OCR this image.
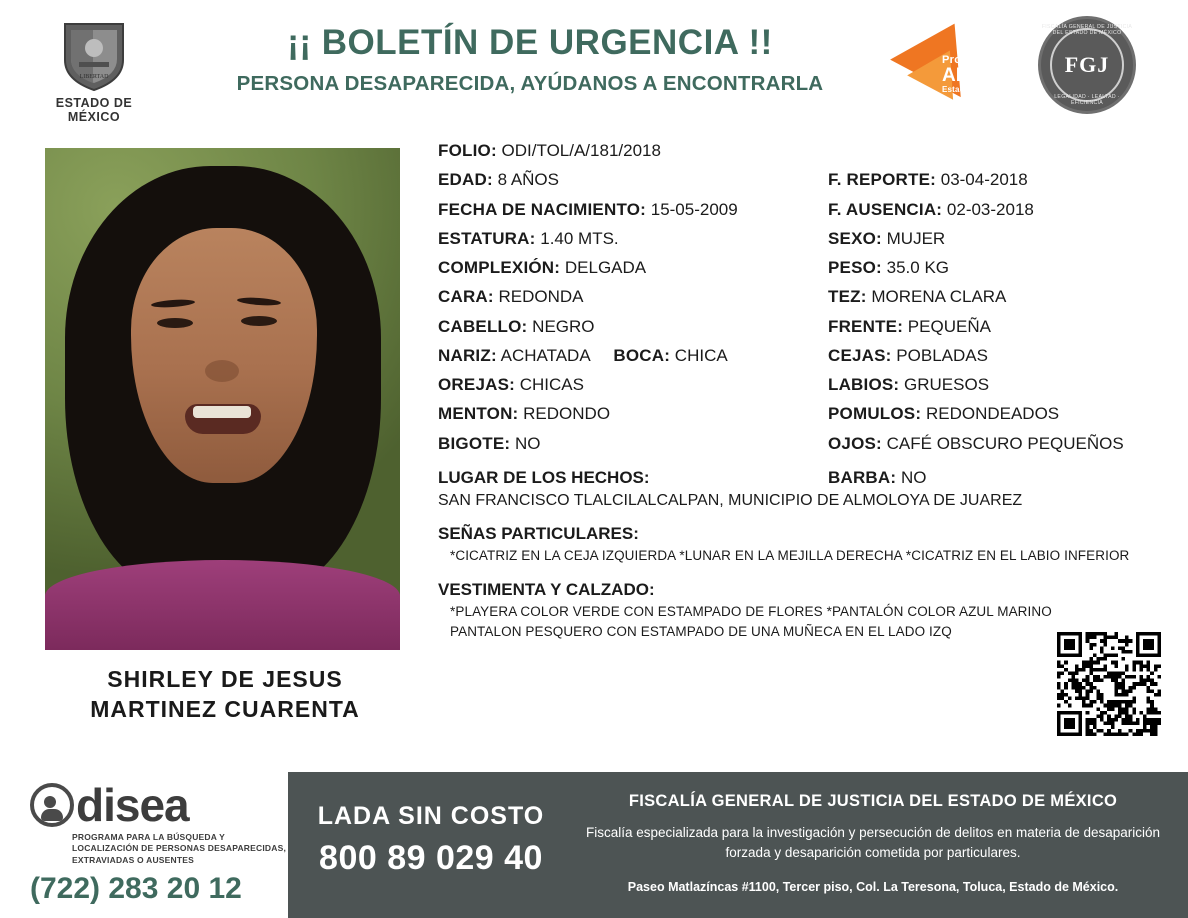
LIBERTAD
ESTADO DE MÉXICO
¡¡ BOLETÍN DE URGENCIA !!
PERSONA DESAPARECIDA, AYÚDANOS A ENCONTRARLA
Protocolo
ALBA
Estado de México
FISCALÍA GENERAL DE JUSTICIA DEL ESTADO DE MÉXICO
FGJ
LEGALIDAD · LEALTAD · EFICIENCIA
SHIRLEY DE JESUS MARTINEZ CUARENTA
FOLIO: ODI/TOL/A/181/2018
EDAD: 8 AÑOS	F. REPORTE: 03-04-2018
FECHA DE NACIMIENTO: 15-05-2009	F. AUSENCIA: 02-03-2018
ESTATURA: 1.40 MTS.	SEXO: MUJER
COMPLEXIÓN: DELGADA	PESO: 35.0 KG
CARA: REDONDA	TEZ: MORENA CLARA
CABELLO: NEGRO	FRENTE: PEQUEÑA
NARIZ: ACHATADA BOCA: CHICA	CEJAS: POBLADAS
OREJAS: CHICAS	LABIOS: GRUESOS
MENTON: REDONDO	POMULOS: REDONDEADOS
BIGOTE: NO	OJOS: CAFÉ OBSCURO PEQUEÑOS
LUGAR DE LOS HECHOS:	BARBA: NO
SAN FRANCISCO TLALCILALCALPAN, MUNICIPIO DE ALMOLOYA DE JUAREZ
SEÑAS PARTICULARES:
*CICATRIZ EN LA CEJA IZQUIERDA *LUNAR EN LA MEJILLA DERECHA *CICATRIZ EN EL LABIO INFERIOR
VESTIMENTA Y CALZADO:
*PLAYERA COLOR VERDE CON ESTAMPADO DE FLORES *PANTALÓN COLOR AZUL MARINO
PANTALON PESQUERO CON ESTAMPADO DE UNA MUÑECA EN EL LADO IZQ
disea
PROGRAMA PARA LA BÚSQUEDA Y LOCALIZACIÓN DE PERSONAS DESAPARECIDAS, EXTRAVIADAS O AUSENTES
(722) 283 20 12
LADA SIN COSTO
800 89 029 40
FISCALÍA GENERAL DE JUSTICIA DEL ESTADO DE MÉXICO
Fiscalía especializada para la investigación y persecución de delitos en materia de desaparición forzada y desaparición cometida por particulares.
Paseo Matlazíncas #1100, Tercer piso, Col. La Teresona, Toluca, Estado de México.
